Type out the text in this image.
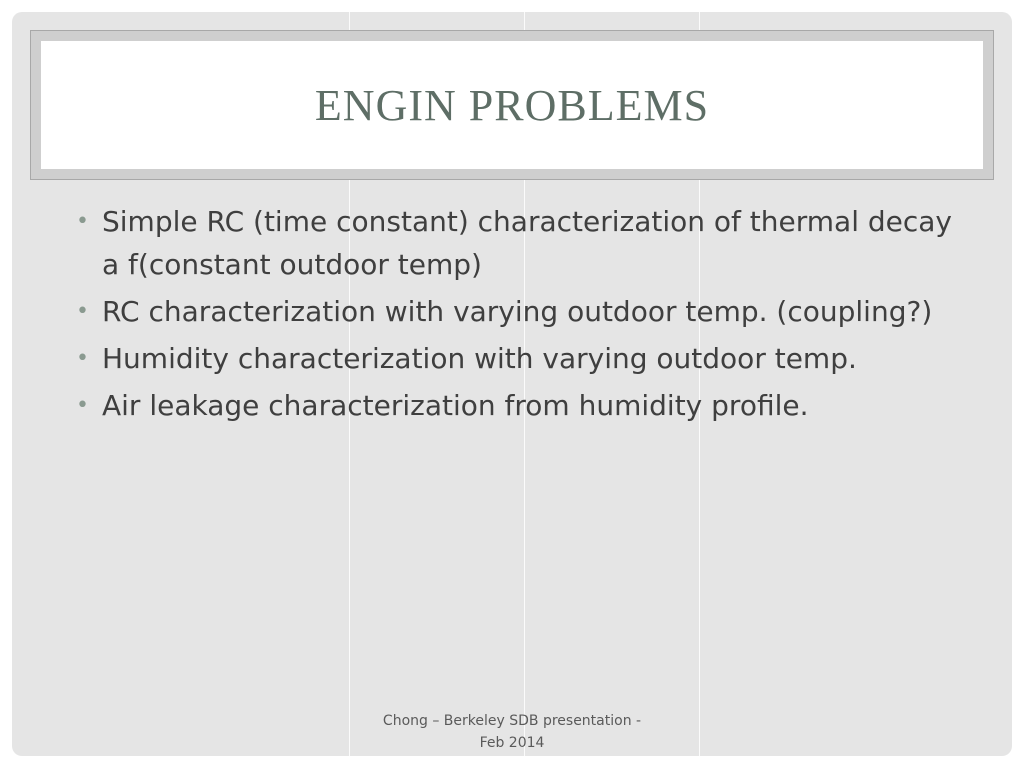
ENGIN PROBLEMS
• Simple RC (time constant) characterization of thermal decay a f(constant outdoor temp)
• RC characterization with varying outdoor temp. (coupling?)
• Humidity characterization with varying outdoor temp.
• Air leakage characterization from humidity profile.
Chong – Berkeley SDB presentation -
Feb 2014
